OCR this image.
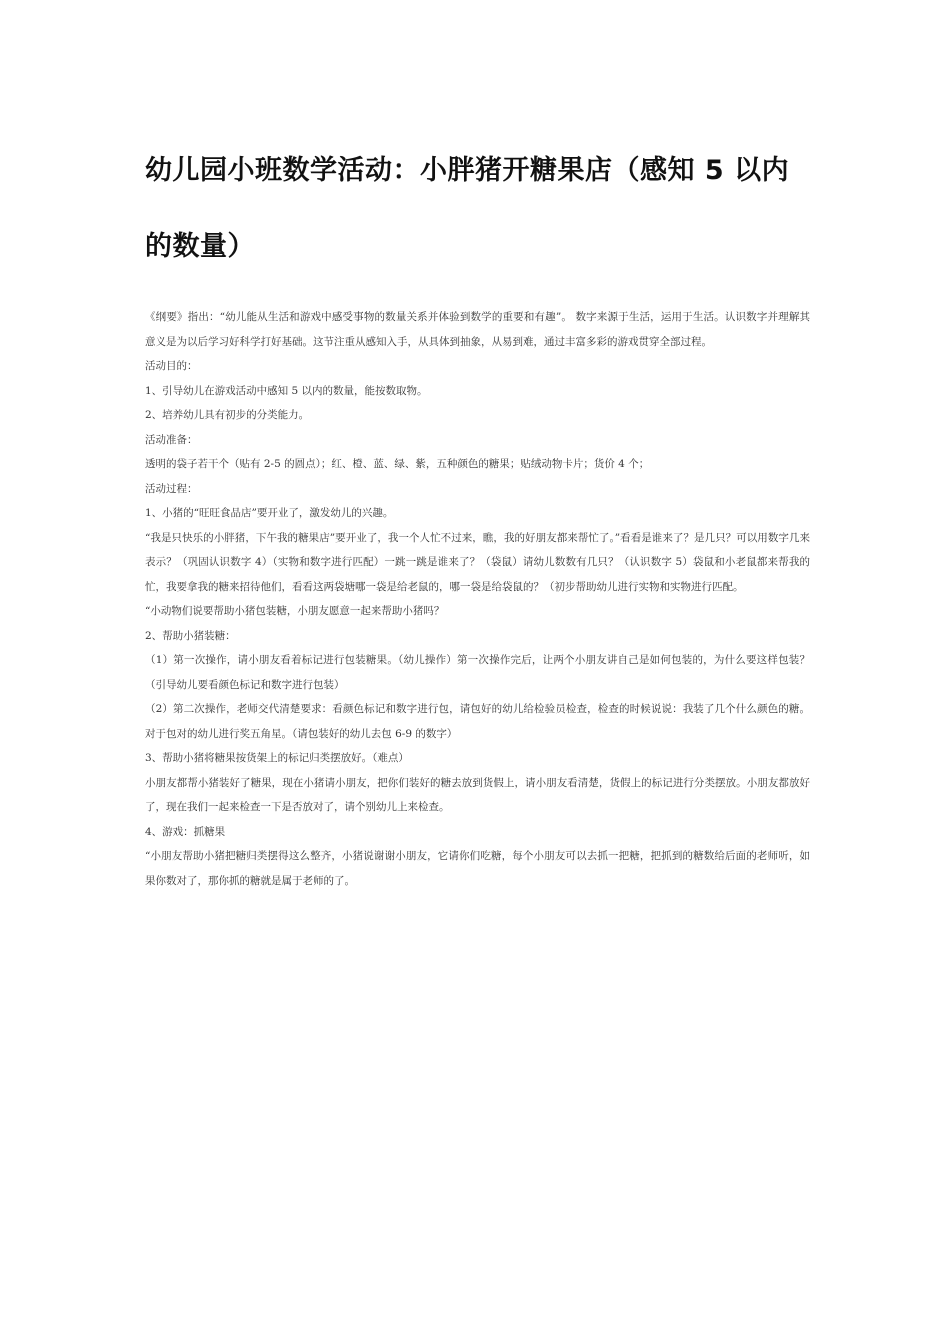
幼儿园小班数学活动：小胖猪开糖果店（感知 5 以内的数量）

《纲要》指出：“幼儿能从生活和游戏中感受事物的数量关系并体验到数学的重要和有趣”。 数字来源于生活，运用于生活。认识数字并理解其意义是为以后学习好科学打好基础。这节注重从感知入手，从具体到抽象，从易到难，通过丰富多彩的游戏贯穿全部过程。

活动目的：

1、引导幼儿在游戏活动中感知 5 以内的数量，能按数取物。

2、培养幼儿具有初步的分类能力。

活动准备：

透明的袋子若干个（贴有 2-5 的圆点）；红、橙、蓝、绿、紫，五种颜色的糖果；贴绒动物卡片；货价 4 个；

活动过程：

1、小猪的“旺旺食品店”要开业了，激发幼儿的兴趣。

“我是只快乐的小胖猪，下午我的糖果店”要开业了，我一个人忙不过来，瞧，我的好朋友都来帮忙了。”看看是谁来了？是几只？可以用数字几来表示？（巩固认识数字 4）（实物和数字进行匹配）一跳一跳是谁来了？（袋鼠）请幼儿数数有几只？（认识数字 5）袋鼠和小老鼠都来帮我的忙，我要拿我的糖来招待他们，看看这两袋塘哪一袋是给老鼠的，哪一袋是给袋鼠的？（初步帮助幼儿进行实物和实物进行匹配。

“小动物们说要帮助小猪包装糖，小朋友愿意一起来帮助小猪吗？

2、帮助小猪装糖：

（1）第一次操作，请小朋友看着标记进行包装糖果。（幼儿操作）第一次操作完后，让两个小朋友讲自己是如何包装的，为什么要这样包装？（引导幼儿要看颜色标记和数字进行包装）

（2）第二次操作，老师交代清楚要求：看颜色标记和数字进行包，请包好的幼儿给检验员检查，检查的时候说说：我装了几个什么颜色的糖。对于包对的幼儿进行奖五角星。（请包装好的幼儿去包 6-9 的数字）

3、帮助小猪将糖果按货架上的标记归类摆放好。（难点）

小朋友都帮小猪装好了糖果，现在小猪请小朋友，把你们装好的糖去放到货假上，请小朋友看清楚，货假上的标记进行分类摆放。小朋友都放好了，现在我们一起来检查一下是否放对了，请个别幼儿上来检查。

4、游戏：抓糖果

“小朋友帮助小猪把糖归类摆得这么整齐，小猪说谢谢小朋友，它请你们吃糖，每个小朋友可以去抓一把糖，把抓到的糖数给后面的老师听，如果你数对了，那你抓的糖就是属于老师的了。
